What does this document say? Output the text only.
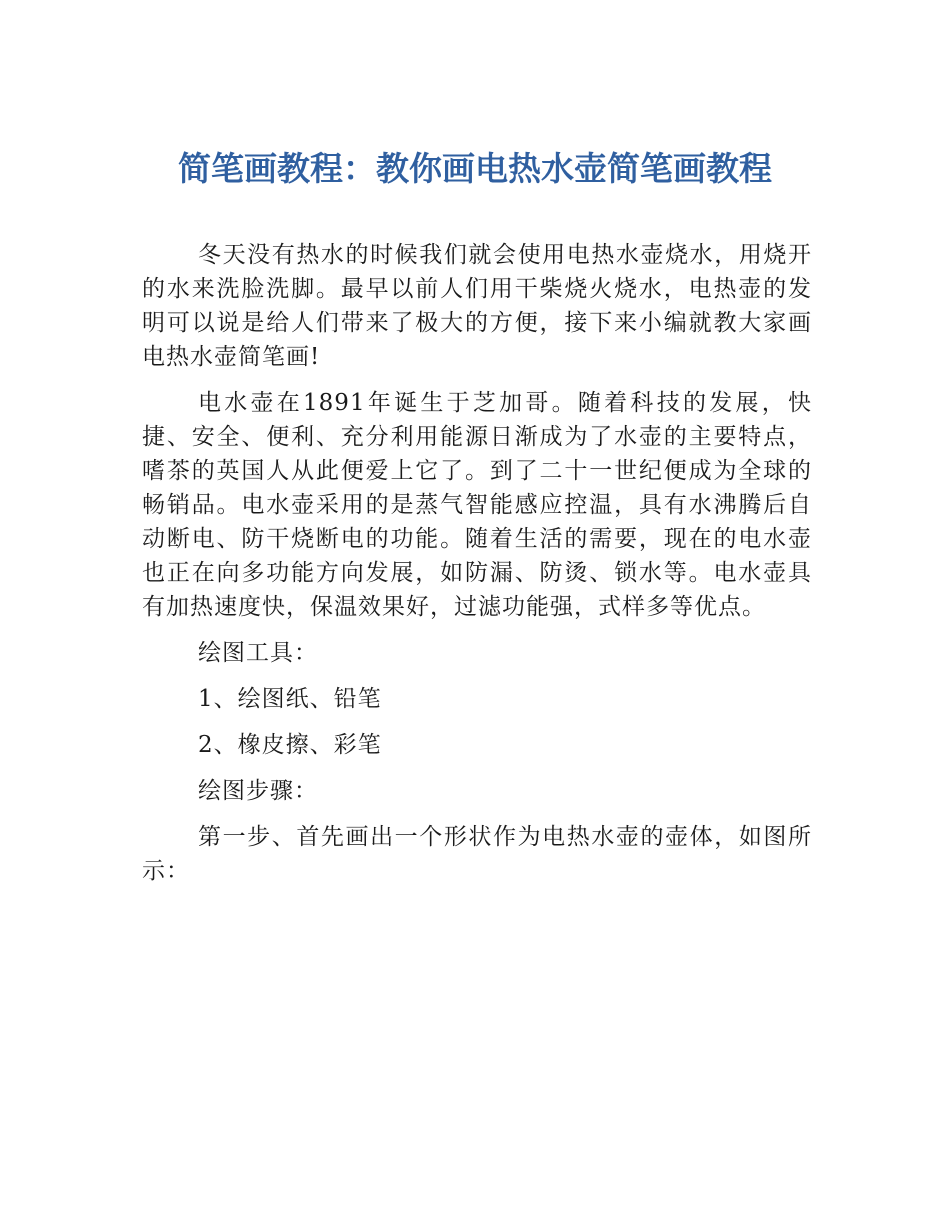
简笔画教程：教你画电热水壶简笔画教程

冬天没有热水的时候我们就会使用电热水壶烧水，用烧开的水来洗脸洗脚。最早以前人们用干柴烧火烧水，电热壶的发明可以说是给人们带来了极大的方便，接下来小编就教大家画电热水壶简笔画!

电水壶在1891年诞生于芝加哥。随着科技的发展，快捷、安全、便利、充分利用能源日渐成为了水壶的主要特点，嗜茶的英国人从此便爱上它了。到了二十一世纪便成为全球的畅销品。电水壶采用的是蒸气智能感应控温，具有水沸腾后自动断电、防干烧断电的功能。随着生活的需要，现在的电水壶也正在向多功能方向发展，如防漏、防烫、锁水等。电水壶具有加热速度快，保温效果好，过滤功能强，式样多等优点。

绘图工具：

1、绘图纸、铅笔

2、橡皮擦、彩笔

绘图步骤：

第一步、首先画出一个形状作为电热水壶的壶体，如图所示：
